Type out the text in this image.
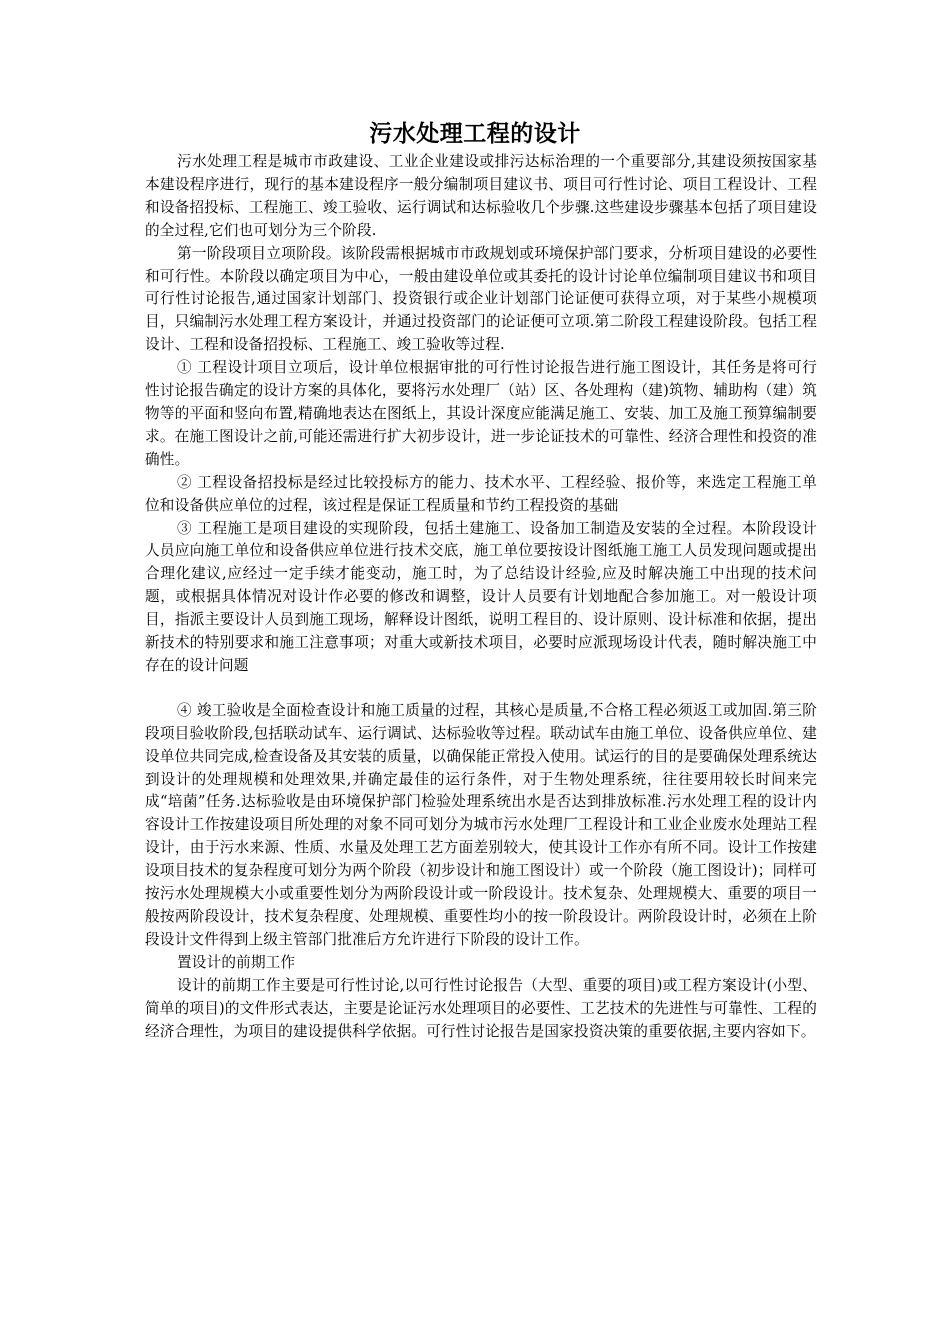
污水处理工程的设计

污水处理工程是城市市政建设、工业企业建设或排污达标治理的一个重要部分,其建设须按国家基本建设程序进行，现行的基本建设程序一般分编制项目建议书、项目可行性讨论、项目工程设计、工程和设备招投标、工程施工、竣工验收、运行调试和达标验收几个步骤.这些建设步骤基本包括了项目建设的全过程,它们也可划分为三个阶段.

第一阶段项目立项阶段。该阶段需根据城市市政规划或环境保护部门要求，分析项目建设的必要性和可行性。本阶段以确定项目为中心，一般由建设单位或其委托的设计讨论单位编制项目建议书和项目可行性讨论报告,通过国家计划部门、投资银行或企业计划部门论证便可获得立项，对于某些小规模项目，只编制污水处理工程方案设计，并通过投资部门的论证便可立项.第二阶段工程建设阶段。包括工程设计、工程和设备招投标、工程施工、竣工验收等过程.

① 工程设计项目立项后，设计单位根据审批的可行性讨论报告进行施工图设计，其任务是将可行性讨论报告确定的设计方案的具体化，要将污水处理厂（站）区、各处理构（建)筑物、辅助构（建）筑物等的平面和竖向布置,精确地表达在图纸上，其设计深度应能满足施工、安装、加工及施工预算编制要求。在施工图设计之前,可能还需进行扩大初步设计，进一步论证技术的可靠性、经济合理性和投资的准确性。

② 工程设备招投标是经过比较投标方的能力、技术水平、工程经验、报价等，来选定工程施工单位和设备供应单位的过程，该过程是保证工程质量和节约工程投资的基础

③ 工程施工是项目建设的实现阶段，包括土建施工、设备加工制造及安装的全过程。本阶段设计人员应向施工单位和设备供应单位进行技术交底，施工单位要按设计图纸施工施工人员发现问题或提出合理化建议,应经过一定手续才能变动，施工时，为了总结设计经验,应及时解决施工中出现的技术问题，或根据具体情况对设计作必要的修改和调整，设计人员要有计划地配合参加施工。对一般设计项目，指派主要设计人员到施工现场，解释设计图纸，说明工程目的、设计原则、设计标准和依据，提出新技术的特别要求和施工注意事项；对重大或新技术项目，必要时应派现场设计代表，随时解决施工中存在的设计问题

④ 竣工验收是全面检查设计和施工质量的过程，其核心是质量,不合格工程必须返工或加固.第三阶段项目验收阶段,包括联动试车、运行调试、达标验收等过程。联动试车由施工单位、设备供应单位、建设单位共同完成,检查设备及其安装的质量，以确保能正常投入使用。试运行的目的是要确保处理系统达到设计的处理规模和处理效果,并确定最佳的运行条件，对于生物处理系统，往往要用较长时间来完成“培菌”任务.达标验收是由环境保护部门检验处理系统出水是否达到排放标准.污水处理工程的设计内容设计工作按建设项目所处理的对象不同可划分为城市污水处理厂工程设计和工业企业废水处理站工程设计，由于污水来源、性质、水量及处理工艺方面差别较大，使其设计工作亦有所不同。设计工作按建设项目技术的复杂程度可划分为两个阶段（初步设计和施工图设计）或一个阶段（施工图设计)；同样可按污水处理规模大小或重要性划分为两阶段设计或一阶段设计。技术复杂、处理规模大、重要的项目一般按两阶段设计，技术复杂程度、处理规模、重要性均小的按一阶段设计。两阶段设计时，必须在上阶段设计文件得到上级主管部门批准后方允许进行下阶段的设计工作。

置设计的前期工作

设计的前期工作主要是可行性讨论,以可行性讨论报告（大型、重要的项目)或工程方案设计(小型、简单的项目)的文件形式表达，主要是论证污水处理项目的必要性、工艺技术的先进性与可靠性、工程的经济合理性，为项目的建设提供科学依据。可行性讨论报告是国家投资决策的重要依据,主要内容如下。
